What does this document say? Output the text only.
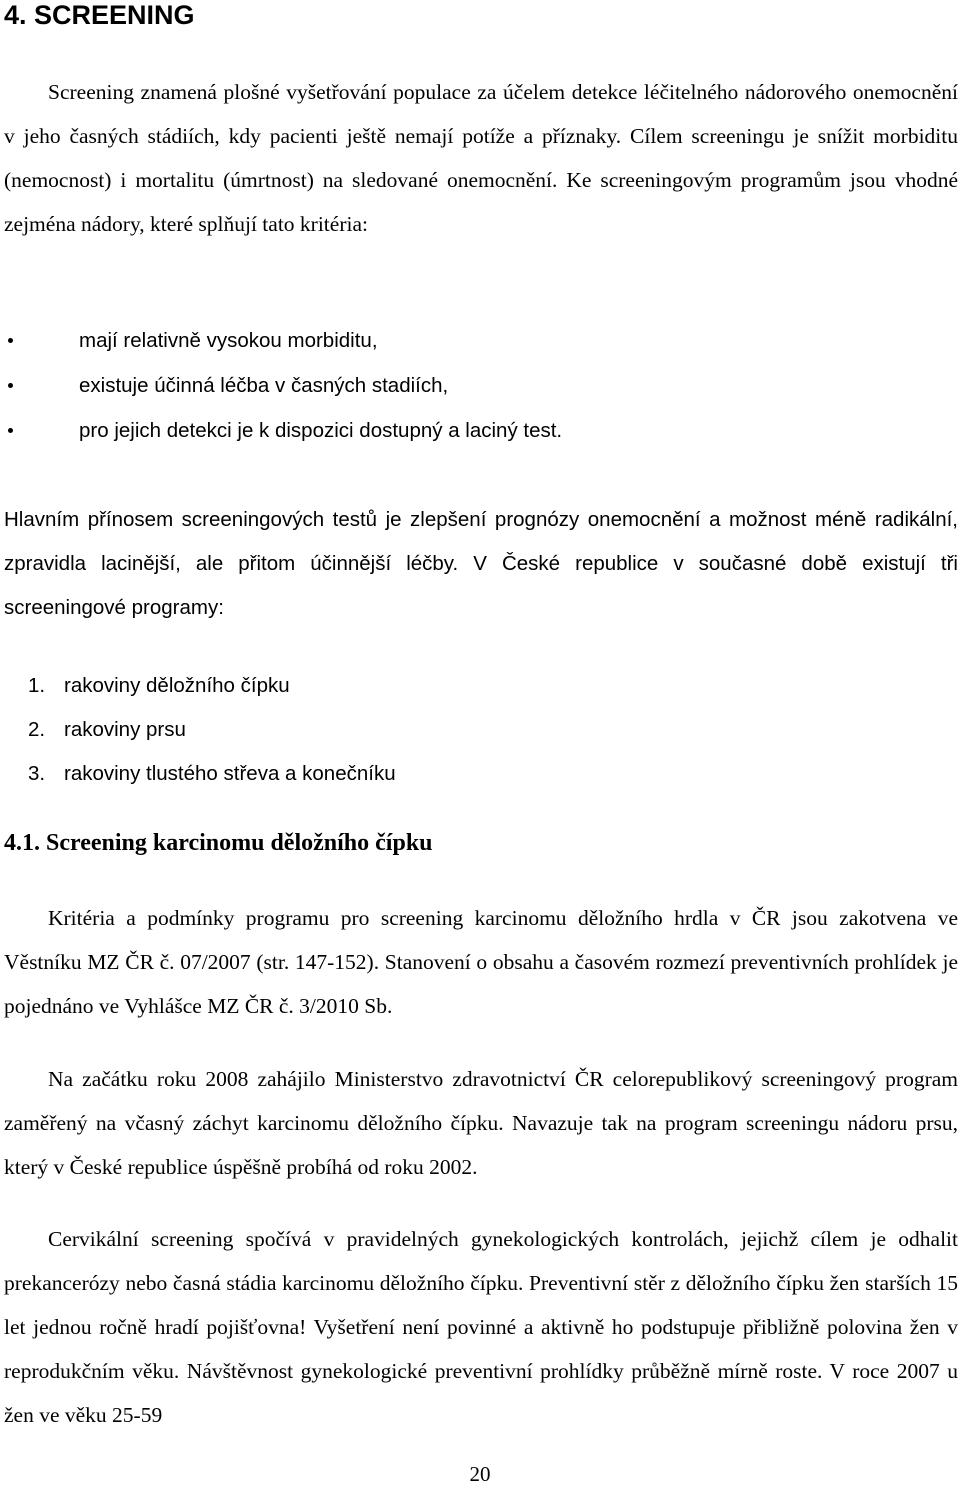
4. SCREENING

Screening znamená plošné vyšetřování populace za účelem detekce léčitelného nádorového onemocnění v jeho časných stádiích, kdy pacienti ještě nemají potíže a příznaky. Cílem screeningu je snížit morbiditu (nemocnost) i mortalitu (úmrtnost) na sledované onemocnění. Ke screeningovým programům jsou vhodné zejména nádory, které splňují tato kritéria:

mají relativně vysokou morbiditu,
existuje účinná léčba v časných stadiích,
pro jejich detekci je k dispozici dostupný a laciný test.

Hlavním přínosem screeningových testů je zlepšení prognózy onemocnění a možnost méně radikální, zpravidla lacinější, ale přitom účinnější léčby. V České republice v současné době existují tři screeningové programy:

1. rakoviny děložního čípku
2. rakoviny prsu
3. rakoviny tlustého střeva a konečníku
4.1. Screening karcinomu děložního čípku

Kritéria a podmínky programu pro screening karcinomu děložního hrdla v ČR jsou zakotvena ve Věstníku MZ ČR č. 07/2007 (str. 147-152). Stanovení o obsahu a časovém rozmezí preventivních prohlídek je pojednáno ve Vyhlášce MZ ČR č. 3/2010 Sb.

Na začátku roku 2008 zahájilo Ministerstvo zdravotnictví ČR celorepublikový screeningový program zaměřený na včasný záchyt karcinomu děložního čípku. Navazuje tak na program screeningu nádoru prsu, který v České republice úspěšně probíhá od roku 2002.

Cervikální screening spočívá v pravidelných gynekologických kontrolách, jejichž cílem je odhalit prekancerózy nebo časná stádia karcinomu děložního čípku. Preventivní stěr z děložního čípku žen starších 15 let jednou ročně hradí pojišťovna! Vyšetření není povinné a aktivně ho podstupuje přibližně polovina žen v reprodukčním věku. Návštěvnost gynekologické preventivní prohlídky průběžně mírně roste. V roce 2007 u žen ve věku 25-59

20
